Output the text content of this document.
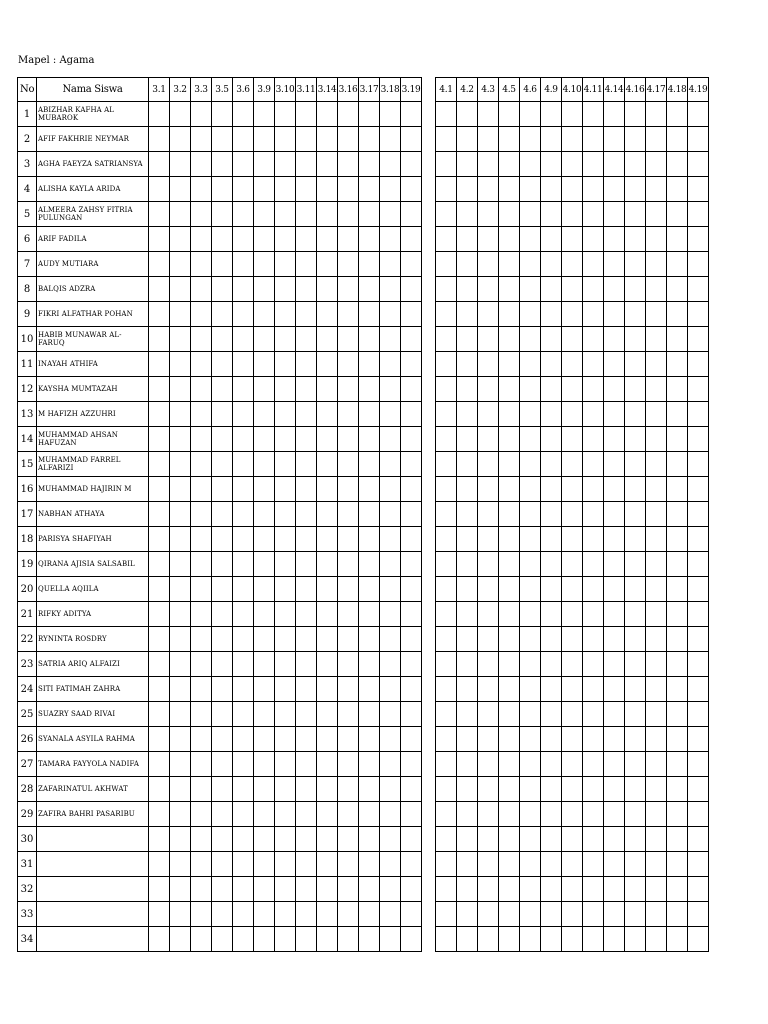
Mapel : Agama
No	Nama Siswa	3.1	3.2	3.3	3.5	3.6	3.9	3.10	3.11	3.14	3.16	3.17	3.18	3.19		4.1	4.2	4.3	4.5	4.6	4.9	4.10	4.11	4.14	4.16	4.17	4.18	4.19
1	ABIZHAR KAFHA AL MUBAROK																											
2	AFIF FAKHRIE NEYMAR																											
3	AGHA FAEYZA SATRIANSYA																											
4	ALISHA KAYLA ARIDA																											
5	ALMEERA ZAHSY FITRIA PULUNGAN																											
6	ARIF FADILA																											
7	AUDY MUTIARA																											
8	BALQIS ADZRA																											
9	FIKRI ALFATHAR POHAN																											
10	HABIB MUNAWAR AL-FARUQ																											
11	INAYAH ATHIFA																											
12	KAYSHA MUMTAZAH																											
13	M HAFIZH AZZUHRI																											
14	MUHAMMAD AHSAN HAFUZAN																											
15	MUHAMMAD FARREL ALFARIZI																											
16	MUHAMMAD HAJIRIN M																											
17	NABHAN ATHAYA																											
18	PARISYA SHAFIYAH																											
19	QIRANA AJISIA SALSABIL																											
20	QUELLA AQIILA																											
21	RIFKY ADITYA																											
22	RYNINTA ROSDRY																											
23	SATRIA ARIQ ALFAIZI																											
24	SITI FATIMAH ZAHRA																											
25	SUAZRY SAAD RIVAI																											
26	SYANALA ASYILA RAHMA																											
27	TAMARA FAYYOLA NADIFA																											
28	ZAFARINATUL AKHWAT																											
29	ZAFIRA BAHRI PASARIBU																											
30																												
31																												
32																												
33																												
34																												
